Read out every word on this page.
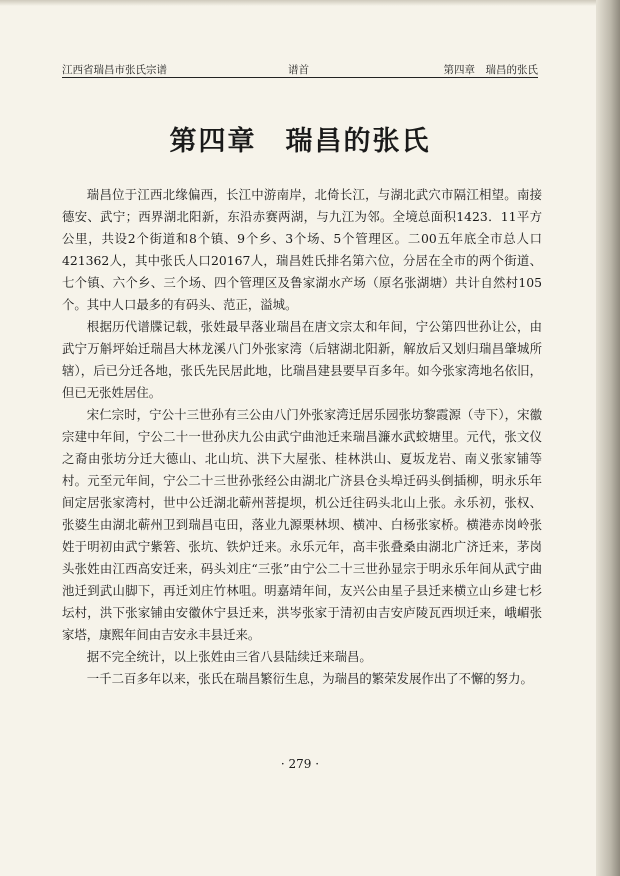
江西省瑞昌市张氏宗谱	谱首	第四章　瑞昌的张氏
第四章　瑞昌的张氏

瑞昌位于江西北缘偏西，长江中游南岸，北倚长江，与湖北武穴市隔江相望。南接德安、武宁；西界湖北阳新，东沿赤赛两湖，与九江为邻。全境总面积1423．11平方公里，共设2个街道和8个镇、9个乡、3个场、5个管理区。二00五年底全市总人口421362人，其中张氏人口20167人，瑞昌姓氏排名第六位，分居在全市的两个街道、七个镇、六个乡、三个场、四个管理区及鲁家湖水产场（原名张湖塘）共计自然村105个。其中人口最多的有码头、范正，溢城。

根据历代谱牒记载，张姓最早落业瑞昌在唐文宗太和年间，宁公第四世孙让公，由武宁万斛坪始迁瑞昌大林龙溪八门外张家湾（后辖湖北阳新，解放后又划归瑞昌肇城所辖），后已分迁各地，张氏先民居此地，比瑞昌建县要早百多年。如今张家湾地名依旧，但已无张姓居住。

宋仁宗时，宁公十三世孙有三公由八门外张家湾迁居乐园张坊黎霞源（寺下），宋徽宗建中年间，宁公二十一世孙庆九公由武宁曲池迁来瑞昌濂水武蛟塘里。元代，张文仪之裔由张坊分迁大德山、北山坑、洪下大屋张、桂林洪山、夏坂龙岩、南义张家铺等村。元至元年间，宁公二十三世孙张经公由湖北广济县仓头埠迁码头倒插柳，明永乐年间定居张家湾村，世中公迁湖北蕲州菩提坝，机公迁往码头北山上张。永乐初，张权、张婆生由湖北蕲州卫到瑞昌屯田，落业九源栗林坝、横冲、白杨张家桥。横港赤岗岭张姓于明初由武宁紫箬、张坑、铁炉迁来。永乐元年，高丰张叠桑由湖北广济迁来，茅岗头张姓由江西高安迁来，码头刘庄“三张”由宁公二十三世孙显宗于明永乐年间从武宁曲池迁到武山脚下，再迁刘庄竹林咀。明嘉靖年间，友兴公由星子县迁来横立山乡建七杉坛村，洪下张家铺由安徽休宁县迁来，洪岑张家于清初由吉安庐陵瓦西坝迁来，峨嵋张家塔，康熙年间由吉安永丰县迁来。

据不完全统计，以上张姓由三省八县陆续迁来瑞昌。

一千二百多年以来，张氏在瑞昌繁衍生息，为瑞昌的繁荣发展作出了不懈的努力。

· 279 ·
